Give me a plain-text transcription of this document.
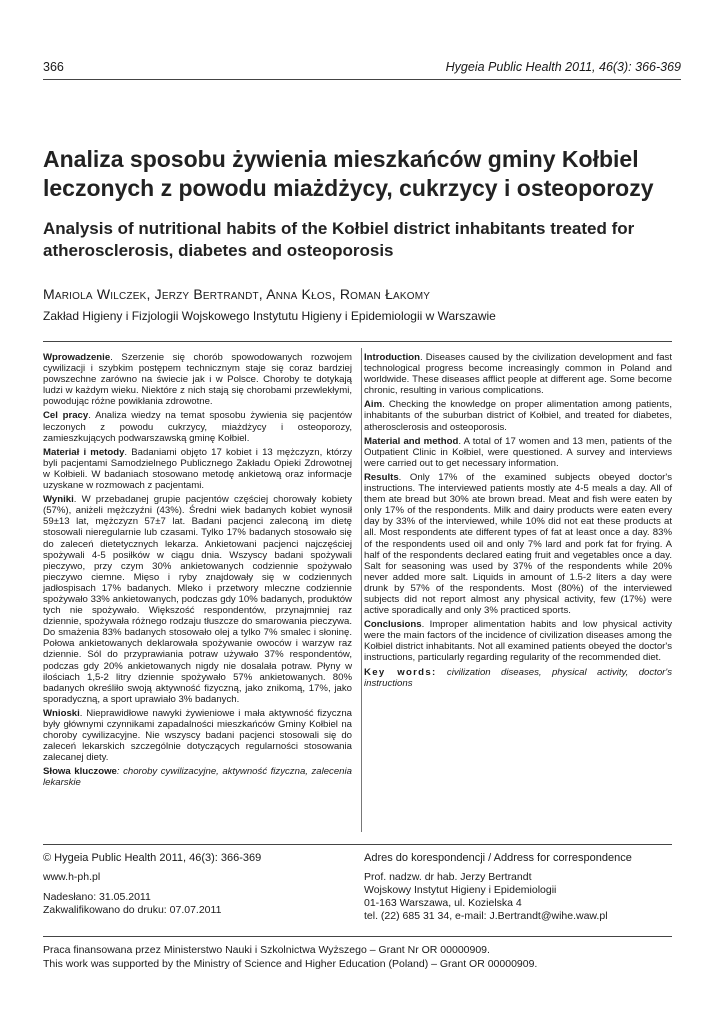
366	Hygeia Public Health 2011, 46(3): 366-369
Analiza sposobu żywienia mieszkańców gminy Kołbiel leczonych z powodu miażdżycy, cukrzycy i osteoporozy
Analysis of nutritional habits of the Kołbiel district inhabitants treated for atherosclerosis, diabetes and osteoporosis
Mariola Wilczek, Jerzy Bertrandt, Anna Kłos, Roman Łakomy
Zakład Higieny i Fizjologii Wojskowego Instytutu Higieny i Epidemiologii w Warszawie

Wprowadzenie. Szerzenie się chorób spowodowanych rozwojem cywilizacji i szybkim postępem technicznym staje się coraz bardziej powszechne zarówno na świecie jak i w Polsce. Choroby te dotykają ludzi w każdym wieku. Niektóre z nich stają się chorobami przewlekłymi, powodując różne powikłania zdrowotne.

Cel pracy. Analiza wiedzy na temat sposobu żywienia się pacjentów leczonych z powodu cukrzycy, miażdżycy i osteoporozy, zamieszkujących podwarszawską gminę Kołbiel.

Materiał i metody. Badaniami objęto 17 kobiet i 13 mężczyzn, którzy byli pacjentami Samodzielnego Publicznego Zakładu Opieki Zdrowotnej w Kołbieli. W badaniach stosowano metodę ankietową oraz informacje uzyskane w rozmowach z pacjentami.

Wyniki. W przebadanej grupie pacjentów częściej chorowały kobiety (57%), aniżeli mężczyźni (43%). Średni wiek badanych kobiet wynosił 59±13 lat, mężczyzn 57±7 lat. Badani pacjenci zaleconą im dietę stosowali nieregularnie lub czasami. Tylko 17% badanych stosowało się do zaleceń dietetycznych lekarza. Ankietowani pacjenci najczęściej spożywali 4-5 posiłków w ciągu dnia. Wszyscy badani spożywali pieczywo, przy czym 30% ankietowanych codziennie spożywało pieczywo ciemne. Mięso i ryby znajdowały się w codziennych jadłospisach 17% badanych. Mleko i przetwory mleczne codziennie spożywało 33% ankietowanych, podczas gdy 10% badanych, produktów tych nie spożywało. Większość respondentów, przynajmniej raz dziennie, spożywała różnego rodzaju tłuszcze do smarowania pieczywa. Do smażenia 83% badanych stosowało olej a tylko 7% smalec i słoninę. Połowa ankietowanych deklarowała spożywanie owoców i warzyw raz dziennie. Sól do przyprawiania potraw używało 37% respondentów, podczas gdy 20% ankietowanych nigdy nie dosalała potraw. Płyny w ilościach 1,5-2 litry dziennie spożywało 57% ankietowanych. 80% badanych określiło swoją aktywność fizyczną, jako znikomą, 17%, jako sporadyczną, a sport uprawiało 3% badanych.

Wnioski. Nieprawidłowe nawyki żywieniowe i mała aktywność fizyczna były głównymi czynnikami zapadalności mieszkańców Gminy Kołbiel na choroby cywilizacyjne. Nie wszyscy badani pacjenci stosowali się do zaleceń lekarskich szczególnie dotyczących regularności stosowania zalecanej diety.

Słowa kluczowe: choroby cywilizacyjne, aktywność fizyczna, zalecenia lekarskie

Introduction. Diseases caused by the civilization development and fast technological progress become increasingly common in Poland and worldwide. These diseases afflict people at different age. Some become chronic, resulting in various complications.

Aim. Checking the knowledge on proper alimentation among patients, inhabitants of the suburban district of Kołbiel, and treated for diabetes, atherosclerosis and osteoporosis.

Material and method. A total of 17 women and 13 men, patients of the Outpatient Clinic in Kołbiel, were questioned. A survey and interviews were carried out to get necessary information.

Results. Only 17% of the examined subjects obeyed doctor's instructions. The interviewed patients mostly ate 4-5 meals a day. All of them ate bread but 30% ate brown bread. Meat and fish were eaten by only 17% of the respondents. Milk and dairy products were eaten every day by 33% of the interviewed, while 10% did not eat these products at all. Most respondents ate different types of fat at least once a day. 83% of the respondents used oil and only 7% lard and pork fat for frying. A half of the respondents declared eating fruit and vegetables once a day. Salt for seasoning was used by 37% of the respondents while 20% never added more salt. Liquids in amount of 1.5-2 liters a day were drunk by 57% of the respondents. Most (80%) of the interviewed subjects did not report almost any physical activity, few (17%) were active sporadically and only 3% practiced sports.

Conclusions. Improper alimentation habits and low physical activity were the main factors of the incidence of civilization diseases among the Kołbiel district inhabitants. Not all examined patients obeyed the doctor's instructions, particularly regarding regularity of the recommended diet.

Key words: civilization diseases, physical activity, doctor's instructions

© Hygeia Public Health 2011, 46(3): 366-369
www.h-ph.pl
Nadesłano: 31.05.2011
Zakwalifikowano do druku: 07.07.2011
Adres do korespondencji / Address for correspondence
Prof. nadzw. dr hab. Jerzy Bertrandt
Wojskowy Instytut Higieny i Epidemiologii
01-163 Warszawa, ul. Kozielska 4
tel. (22) 685 31 34, e-mail: J.Bertrandt@wihe.waw.pl
Praca finansowana przez Ministerstwo Nauki i Szkolnictwa Wyższego – Grant Nr OR 00000909.
This work was supported by the Ministry of Science and Higher Education (Poland) – Grant OR 00000909.
